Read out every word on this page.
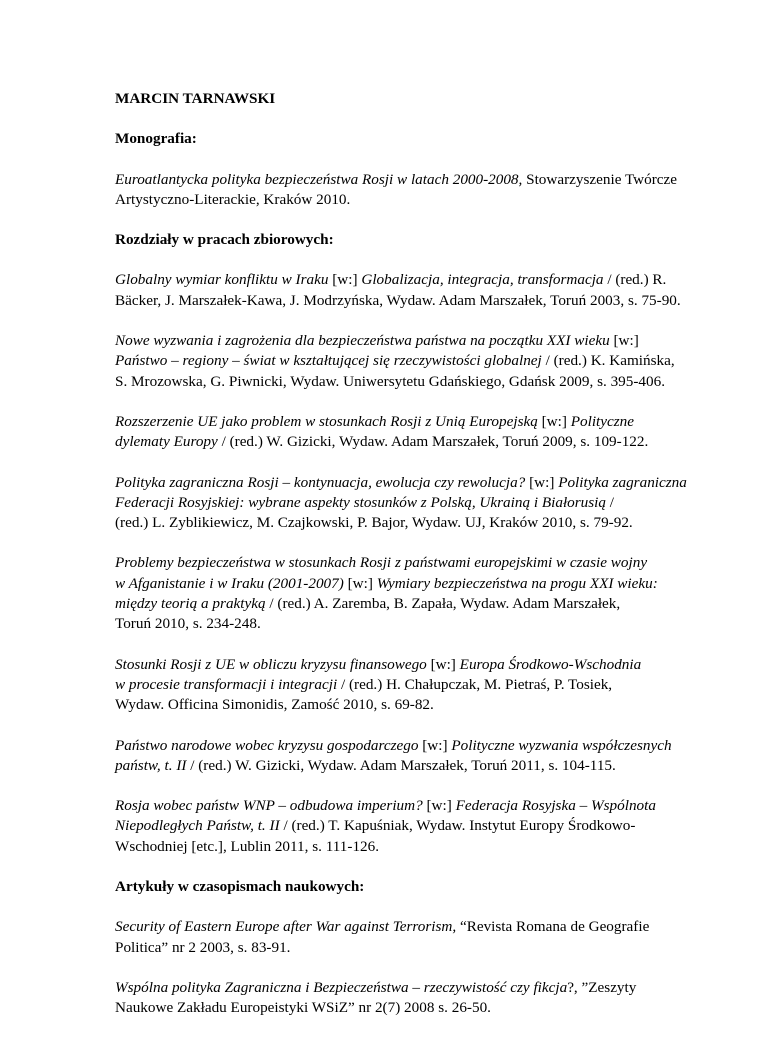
MARCIN TARNAWSKI

Monografia:

Euroatlantycka polityka bezpieczeństwa Rosji w latach 2000-2008, Stowarzyszenie Twórcze
Artystyczno-Literackie, Kraków 2010.

Rozdziały w pracach zbiorowych:

Globalny wymiar konfliktu w Iraku [w:] Globalizacja, integracja, transformacja / (red.) R.
Bäcker, J. Marszałek-Kawa, J. Modrzyńska, Wydaw. Adam Marszałek, Toruń 2003, s. 75-90.

Nowe wyzwania i zagrożenia dla bezpieczeństwa państwa na początku XXI wieku [w:]
Państwo – regiony – świat w kształtującej się rzeczywistości globalnej / (red.) K. Kamińska,
S. Mrozowska, G. Piwnicki, Wydaw. Uniwersytetu Gdańskiego, Gdańsk 2009, s. 395-406.

Rozszerzenie UE jako problem w stosunkach Rosji z Unią Europejską [w:] Polityczne
dylematy Europy / (red.) W. Gizicki, Wydaw. Adam Marszałek, Toruń 2009, s. 109-122.

Polityka zagraniczna Rosji – kontynuacja, ewolucja czy rewolucja? [w:] Polityka zagraniczna
Federacji Rosyjskiej: wybrane aspekty stosunków z Polską, Ukrainą i Białorusią /
(red.) L. Zyblikiewicz, M. Czajkowski, P. Bajor, Wydaw. UJ, Kraków 2010, s. 79-92.

Problemy bezpieczeństwa w stosunkach Rosji z państwami europejskimi w czasie wojny
w Afganistanie i w Iraku (2001-2007) [w:] Wymiary bezpieczeństwa na progu XXI wieku:
między teorią a praktyką / (red.) A. Zaremba, B. Zapała, Wydaw. Adam Marszałek,
Toruń 2010, s. 234-248.

Stosunki Rosji z UE w obliczu kryzysu finansowego [w:] Europa Środkowo-Wschodnia
w procesie transformacji i integracji / (red.) H. Chałupczak, M. Pietraś, P. Tosiek,
Wydaw. Officina Simonidis, Zamość 2010, s. 69-82.

Państwo narodowe wobec kryzysu gospodarczego [w:] Polityczne wyzwania współczesnych
państw, t. II / (red.) W. Gizicki, Wydaw. Adam Marszałek, Toruń 2011, s. 104-115.

Rosja wobec państw WNP – odbudowa imperium? [w:] Federacja Rosyjska – Wspólnota
Niepodległych Państw, t. II / (red.) T. Kapuśniak, Wydaw. Instytut Europy Środkowo-
Wschodniej [etc.], Lublin 2011, s. 111-126.

Artykuły w czasopismach naukowych:

Security of Eastern Europe after War against Terrorism, “Revista Romana de Geografie
Politica” nr 2 2003, s. 83-91.

Wspólna polityka Zagraniczna i Bezpieczeństwa – rzeczywistość czy fikcja?, ”Zeszyty
Naukowe Zakładu Europeistyki WSiZ” nr 2(7) 2008 s. 26-50.
